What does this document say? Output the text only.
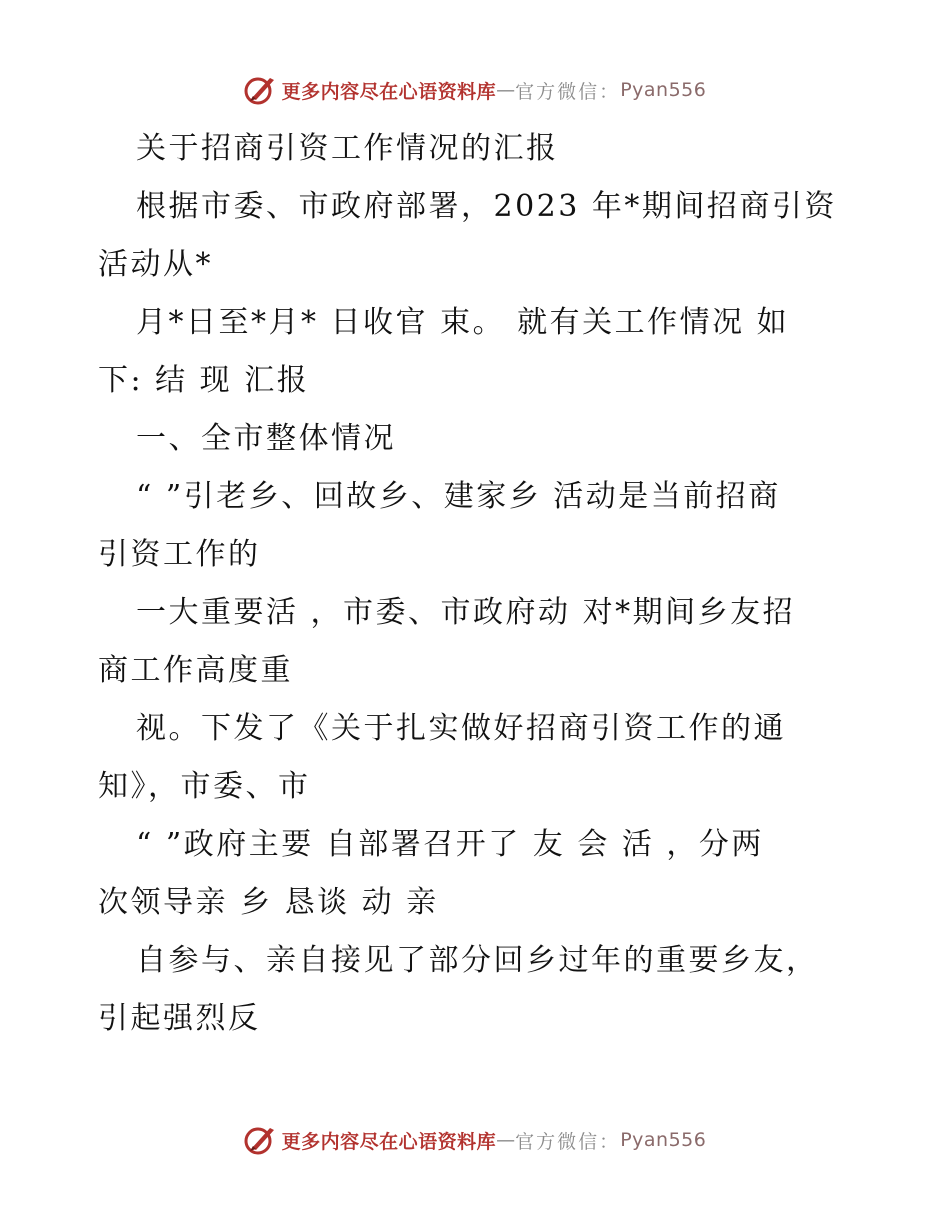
更多内容尽在心语资料库 — 官方微信： Pyan556
关于招商引资工作情况的汇报
根据市委、市政府部署，2023 年*期间招商引资
活动从*
月*日至*月* 日收官 束。 就有关工作情况 如
下: 结 现 汇报
一、全市整体情况
“ ”引老乡、回故乡、建家乡 活动是当前招商
引资工作的
一大重要活 ，市委、市政府动 对*期间乡友招
商工作高度重
视。下发了《关于扎实做好招商引资工作的通
知》，市委、市
“ ”政府主要 自部署召开了 友 会 活 ，分两
次领导亲 乡 恳谈 动 亲
自参与、亲自接见了部分回乡过年的重要乡友，
引起强烈反
更多内容尽在心语资料库 — 官方微信： Pyan556
